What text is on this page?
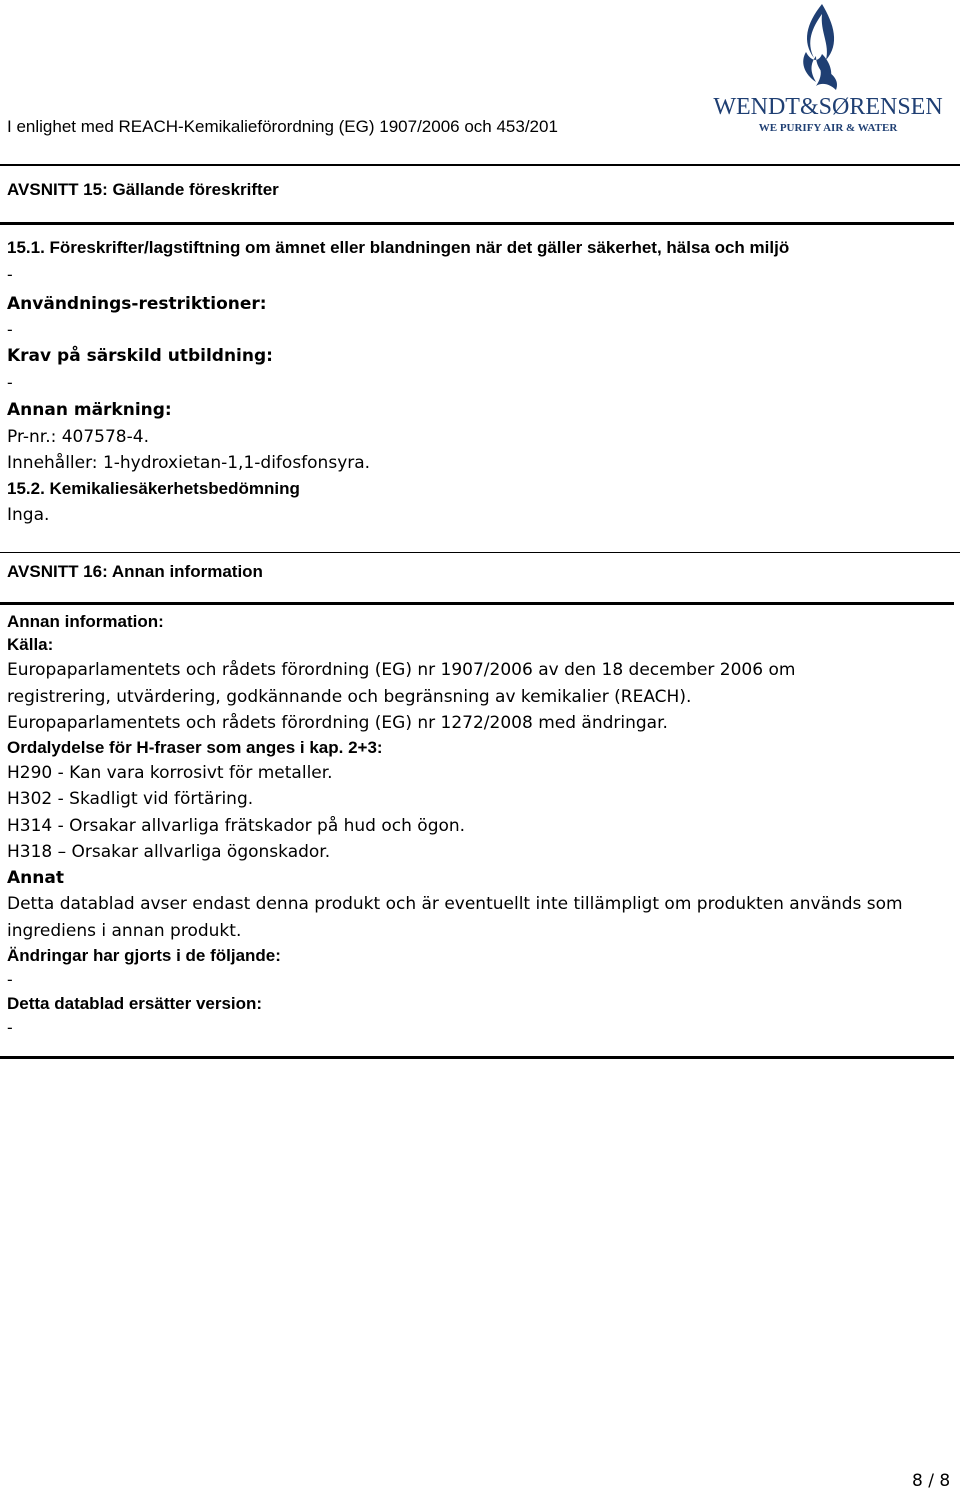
I enlighet med REACH-Kemikalieförordning (EG) 1907/2006 och 453/201
WENDT&SØRENSEN
WE PURIFY AIR & WATER
AVSNITT 15: Gällande föreskrifter
15.1. Föreskrifter/lagstiftning om ämnet eller blandningen när det gäller säkerhet, hälsa och miljö
-
Användnings-restriktioner:
-
Krav på särskild utbildning:
-
Annan märkning:
Pr-nr.: 407578-4.
Innehåller: 1-hydroxietan-1,1-difosfonsyra.
15.2. Kemikaliesäkerhetsbedömning
Inga.
AVSNITT 16: Annan information
Annan information:
Källa:
Europaparlamentets och rådets förordning (EG) nr 1907/2006 av den 18 december 2006 om
registrering, utvärdering, godkännande och begränsning av kemikalier (REACH).
Europaparlamentets och rådets förordning (EG) nr 1272/2008 med ändringar.
Ordalydelse för H-fraser som anges i kap. 2+3:
H290 - Kan vara korrosivt för metaller.
H302 - Skadligt vid förtäring.
H314 - Orsakar allvarliga frätskador på hud och ögon.
H318 – Orsakar allvarliga ögonskador.
Annat
Detta datablad avser endast denna produkt och är eventuellt inte tillämpligt om produkten används som
ingrediens i annan produkt.
Ändringar har gjorts i de följande:
-
Detta datablad ersätter version:
-
8 / 8
